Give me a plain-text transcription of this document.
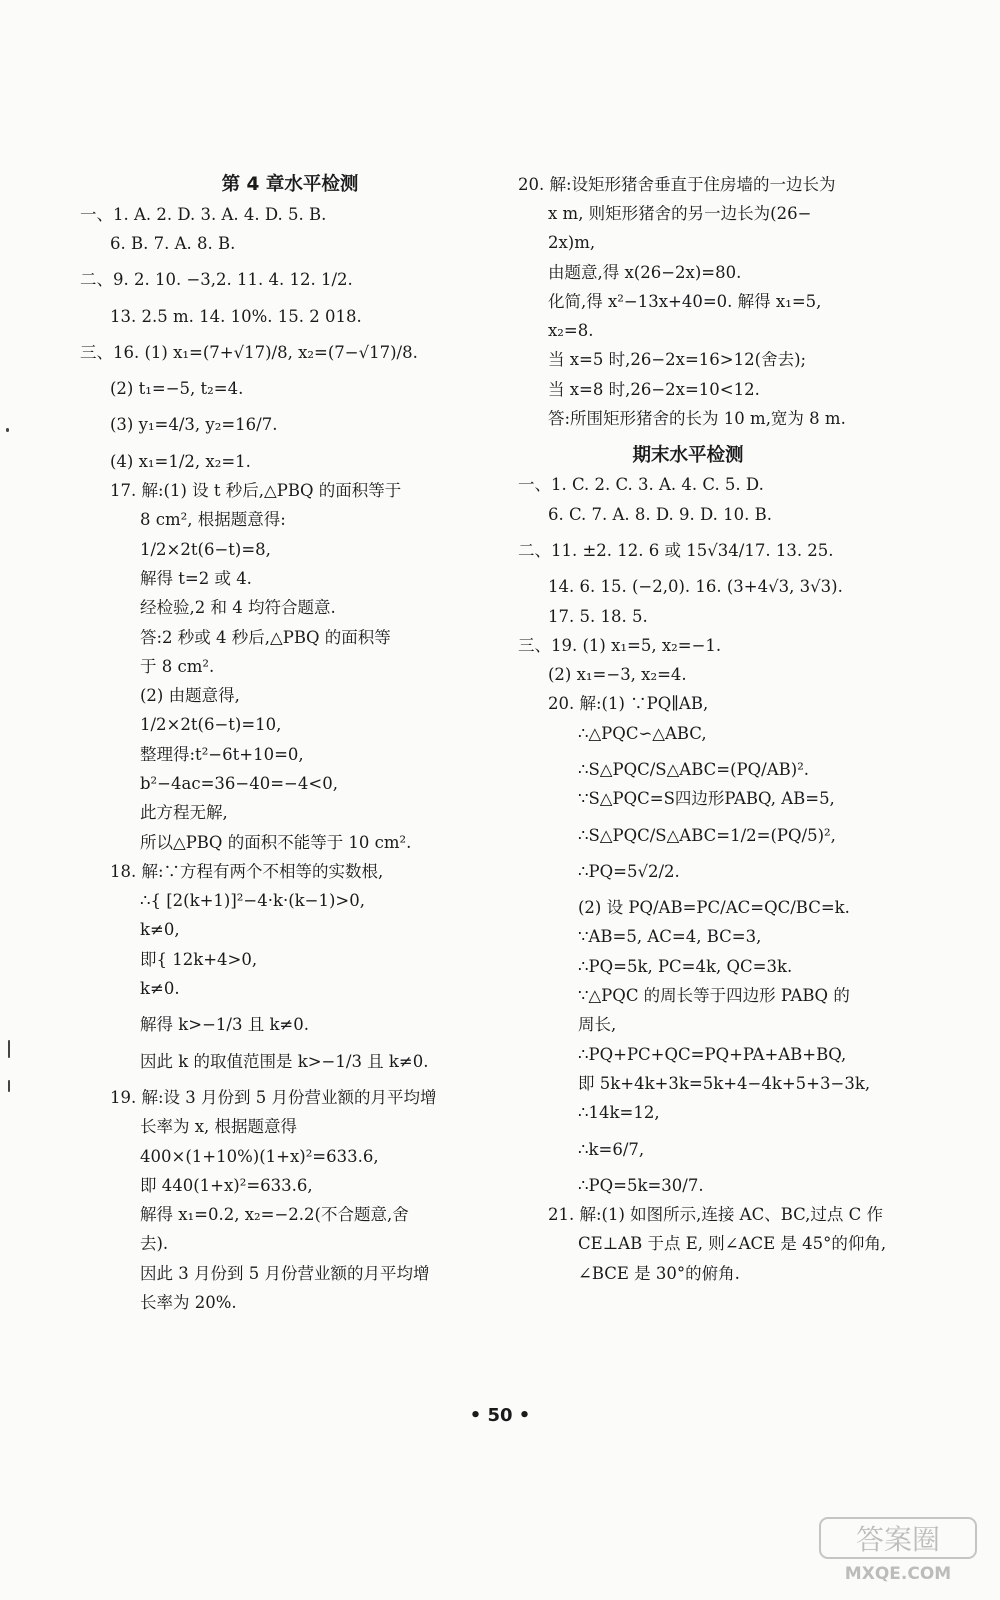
第 4 章水平检测
一、1. A. 2. D. 3. A. 4. D. 5. B.
6. B. 7. A. 8. B.
二、9. 2. 10. −3,2. 11. 4. 12. 1/2.
13. 2.5 m. 14. 10%. 15. 2 018.
三、16. (1) x₁=(7+√17)/8, x₂=(7−√17)/8.
(2) t₁=−5, t₂=4.
(3) y₁=4/3, y₂=16/7.
(4) x₁=1/2, x₂=1.
17. 解:(1) 设 t 秒后,△PBQ 的面积等于
8 cm², 根据题意得:
1/2×2t(6−t)=8,
解得 t=2 或 4.
经检验,2 和 4 均符合题意.
答:2 秒或 4 秒后,△PBQ 的面积等
于 8 cm².
(2) 由题意得,
1/2×2t(6−t)=10,
整理得:t²−6t+10=0,
b²−4ac=36−40=−4<0,
此方程无解,
所以△PBQ 的面积不能等于 10 cm².
18. 解:∵方程有两个不相等的实数根,
∴{ [2(k+1)]²−4·k·(k−1)>0,
k≠0,
即{ 12k+4>0,
k≠0.
解得 k>−1/3 且 k≠0.
因此 k 的取值范围是 k>−1/3 且 k≠0.
19. 解:设 3 月份到 5 月份营业额的月平均增
长率为 x, 根据题意得
400×(1+10%)(1+x)²=633.6,
即 440(1+x)²=633.6,
解得 x₁=0.2, x₂=−2.2(不合题意,舍
去).
因此 3 月份到 5 月份营业额的月平均增
长率为 20%.
20. 解:设矩形猪舍垂直于住房墙的一边长为
x m, 则矩形猪舍的另一边长为(26−
2x)m,
由题意,得 x(26−2x)=80.
化简,得 x²−13x+40=0. 解得 x₁=5,
x₂=8.
当 x=5 时,26−2x=16>12(舍去);
当 x=8 时,26−2x=10<12.
答:所围矩形猪舍的长为 10 m,宽为 8 m.
期末水平检测
一、1. C. 2. C. 3. A. 4. C. 5. D.
6. C. 7. A. 8. D. 9. D. 10. B.
二、11. ±2. 12. 6 或 15√34/17. 13. 25.
14. 6. 15. (−2,0). 16. (3+4√3, 3√3).
17. 5. 18. 5.
三、19. (1) x₁=5, x₂=−1.
(2) x₁=−3, x₂=4.
20. 解:(1) ∵PQ∥AB,
∴△PQC∽△ABC,
∴S△PQC/S△ABC=(PQ/AB)².
∵S△PQC=S四边形PABQ, AB=5,
∴S△PQC/S△ABC=1/2=(PQ/5)²,
∴PQ=5√2/2.
(2) 设 PQ/AB=PC/AC=QC/BC=k.
∵AB=5, AC=4, BC=3,
∴PQ=5k, PC=4k, QC=3k.
∵△PQC 的周长等于四边形 PABQ 的
周长,
∴PQ+PC+QC=PQ+PA+AB+BQ,
即 5k+4k+3k=5k+4−4k+5+3−3k,
∴14k=12,
∴k=6/7,
∴PQ=5k=30/7.
21. 解:(1) 如图所示,连接 AC、BC,过点 C 作
CE⊥AB 于点 E, 则∠ACE 是 45°的仰角,
∠BCE 是 30°的俯角.
• 50 •
答案圈
MXQE.COM
